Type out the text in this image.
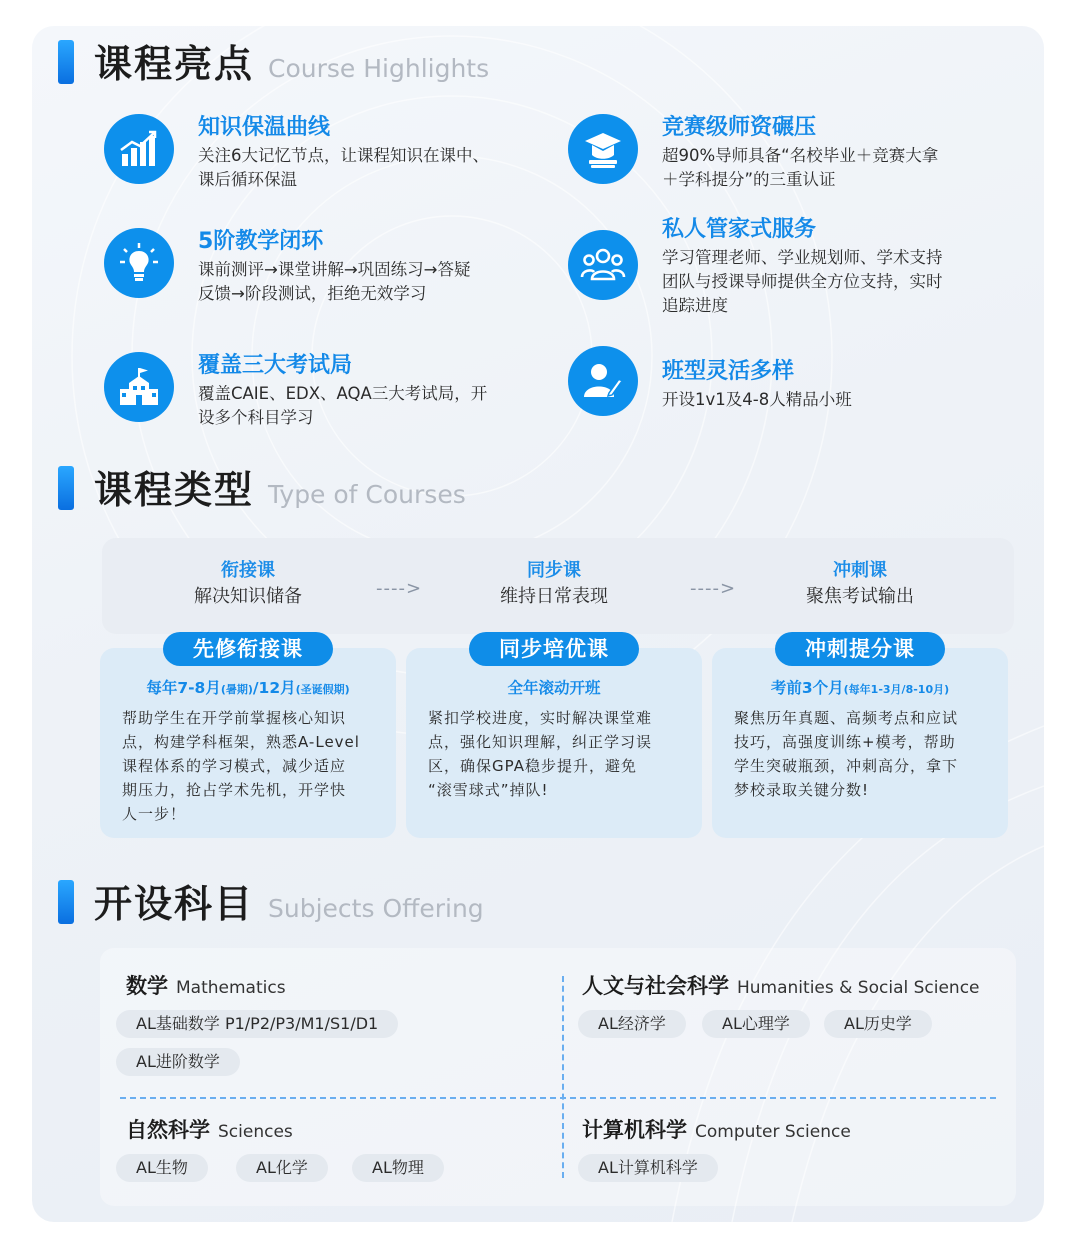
课程亮点 Course Highlights
知识保温曲线
关注6大记忆节点，让课程知识在课中、
课后循环保温
竞赛级师资碾压
超90%导师具备“名校毕业＋竞赛大拿
＋学科提分”的三重认证
5阶教学闭环
课前测评→课堂讲解→巩固练习→答疑
反馈→阶段测试，拒绝无效学习
私人管家式服务
学习管理老师、学业规划师、学术支持
团队与授课导师提供全方位支持，实时
追踪进度
覆盖三大考试局
覆盖CAIE、EDX、AQA三大考试局，开
设多个科目学习
班型灵活多样
开设1v1及4-8人精品小班
课程类型 Type of Courses
衔接课
解决知识储备	---->
同步课
维持日常表现	---->
冲刺课
聚焦考试输出
每年7-8月(暑期)/12月(圣诞假期)
帮助学生在开学前掌握核心知识
点，构建学科框架，熟悉A-Level
课程体系的学习模式，减少适应
期压力，抢占学术先机，开学快
人一步！
先修衔接课
全年滚动开班
紧扣学校进度，实时解决课堂难
点，强化知识理解，纠正学习误
区，确保GPA稳步提升，避免
“滚雪球式”掉队!
同步培优课
考前3个月(每年1-3月/8-10月)
聚焦历年真题、高频考点和应试
技巧，高强度训练+模考，帮助
学生突破瓶颈，冲刺高分，拿下
梦校录取关键分数!
冲刺提分课
开设科目 Subjects Offering
数学 Mathematics
AL基础数学 P1/P2/P3/M1/S1/D1
AL进阶数学
人文与社会科学 Humanities & Social Science
AL经济学	AL心理学	AL历史学
自然科学 Sciences
AL生物	AL化学	AL物理
计算机科学 Computer Science
AL计算机科学
